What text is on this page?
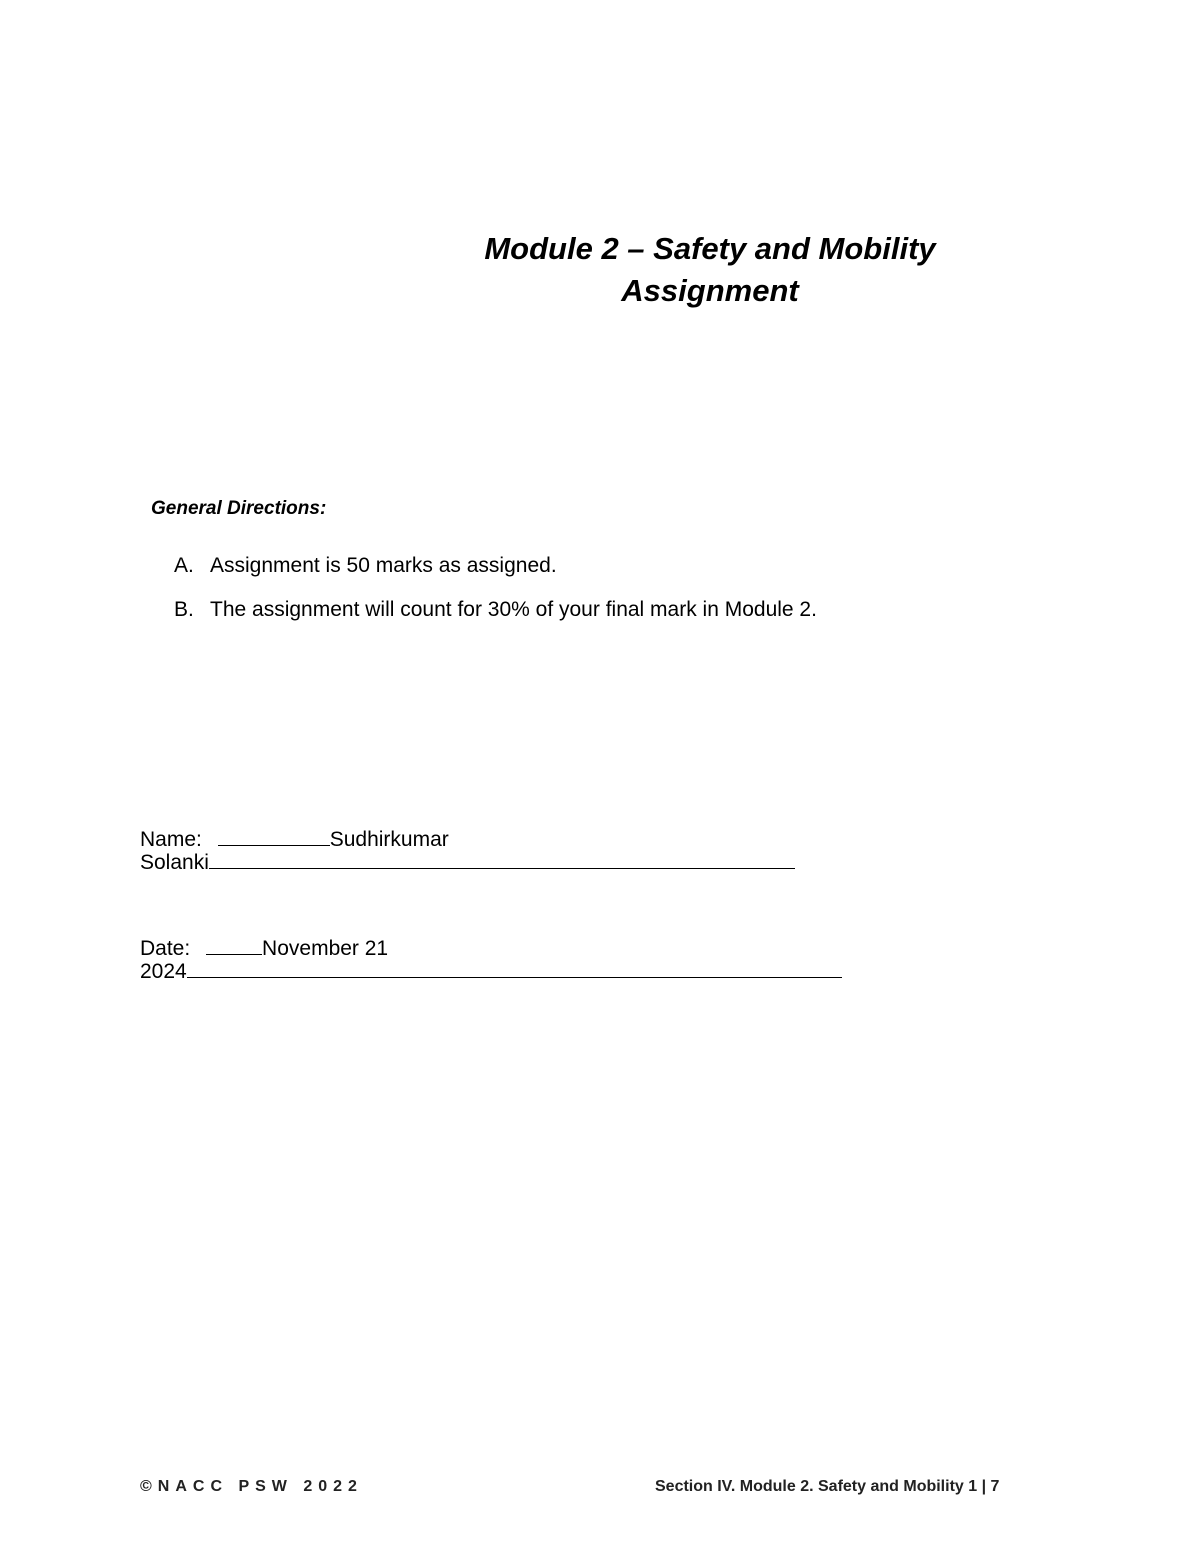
Module 2 – Safety and Mobility
Assignment
General Directions:
A. Assignment is 50 marks as assigned.
B. The assignment will count for 30% of your final mark in Module 2.
Name:	Sudhirkumar
Solanki
Date:	November 21
2024
©NACC PSW 2022	Section IV. Module 2. Safety and Mobility 1 | 7
